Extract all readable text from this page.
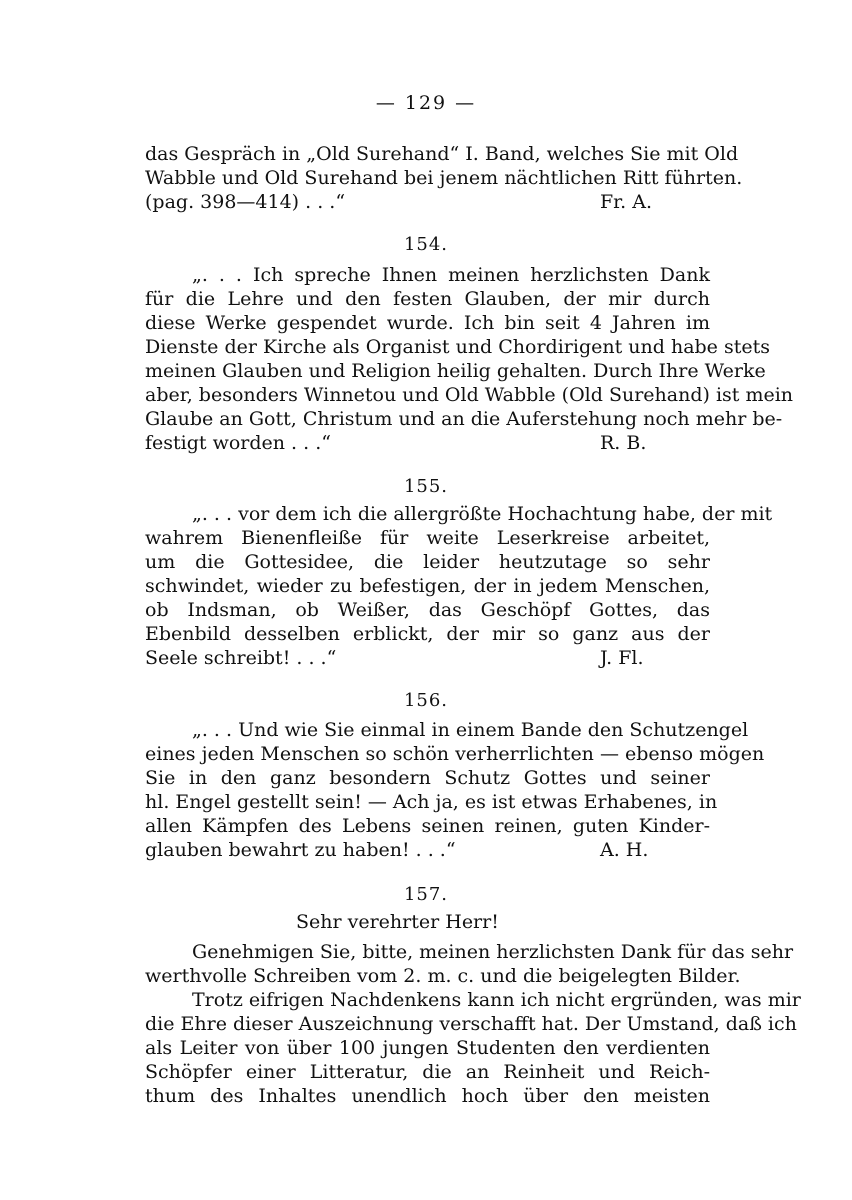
— 129 —
das Gespräch in „Old Surehand“ I. Band, welches Sie mit Old
Wabble und Old Surehand bei jenem nächtlichen Ritt führten.
(pag. 398—414) . . .“	Fr. A.
154.
„. . . Ich spreche Ihnen meinen herzlichsten Dank
für die Lehre und den festen Glauben, der mir durch
diese Werke gespendet wurde. Ich bin seit 4 Jahren im
Dienste der Kirche als Organist und Chordirigent und habe stets
meinen Glauben und Religion heilig gehalten. Durch Ihre Werke
aber, besonders Winnetou und Old Wabble (Old Surehand) ist mein
Glaube an Gott, Christum und an die Auferstehung noch mehr be-
festigt worden . . .“	R. B.
155.
„. . . vor dem ich die allergrößte Hochachtung habe, der mit
wahrem Bienenfleiße für weite Leserkreise arbeitet,
um die Gottesidee, die leider heutzutage so sehr
schwindet, wieder zu befestigen, der in jedem Menschen,
ob Indsman, ob Weißer, das Geschöpf Gottes, das
Ebenbild desselben erblickt, der mir so ganz aus der
Seele schreibt! . . .“	J. Fl.
156.
„. . . Und wie Sie einmal in einem Bande den Schutzengel
eines jeden Menschen so schön verherrlichten — ebenso mögen
Sie in den ganz besondern Schutz Gottes und seiner
hl. Engel gestellt sein! — Ach ja, es ist etwas Erhabenes, in
allen Kämpfen des Lebens seinen reinen, guten Kinder-
glauben bewahrt zu haben! . . .“	A. H.
157.
Sehr verehrter Herr!
Genehmigen Sie, bitte, meinen herzlichsten Dank für das sehr
werthvolle Schreiben vom 2. m. c. und die beigelegten Bilder.
Trotz eifrigen Nachdenkens kann ich nicht ergründen, was mir
die Ehre dieser Auszeichnung verschafft hat. Der Umstand, daß ich
als Leiter von über 100 jungen Studenten den verdienten
Schöpfer einer Litteratur, die an Reinheit und Reich-
thum des Inhaltes unendlich hoch über den meisten
